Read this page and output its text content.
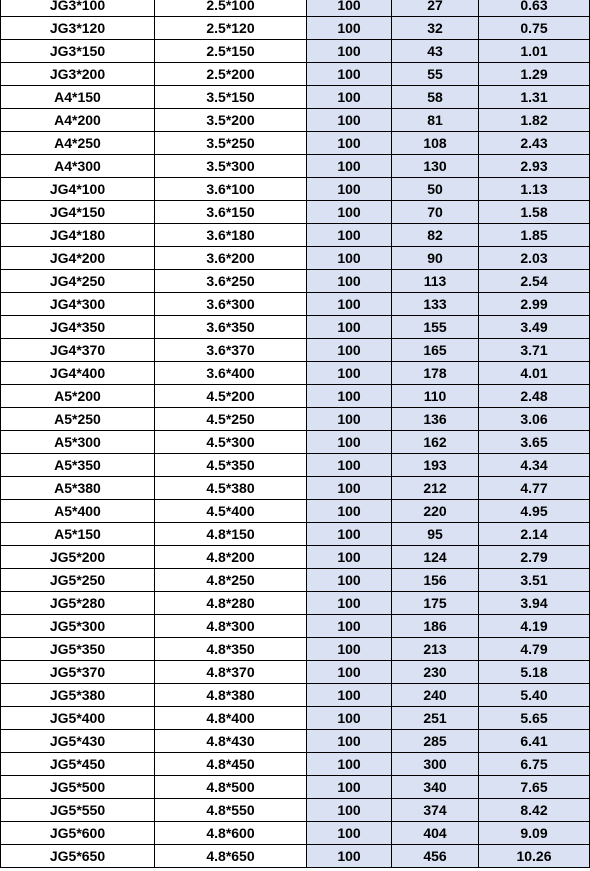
JG3*100	2.5*100	100	27	0.63
JG3*120	2.5*120	100	32	0.75
JG3*150	2.5*150	100	43	1.01
JG3*200	2.5*200	100	55	1.29
A4*150	3.5*150	100	58	1.31
A4*200	3.5*200	100	81	1.82
A4*250	3.5*250	100	108	2.43
A4*300	3.5*300	100	130	2.93
JG4*100	3.6*100	100	50	1.13
JG4*150	3.6*150	100	70	1.58
JG4*180	3.6*180	100	82	1.85
JG4*200	3.6*200	100	90	2.03
JG4*250	3.6*250	100	113	2.54
JG4*300	3.6*300	100	133	2.99
JG4*350	3.6*350	100	155	3.49
JG4*370	3.6*370	100	165	3.71
JG4*400	3.6*400	100	178	4.01
A5*200	4.5*200	100	110	2.48
A5*250	4.5*250	100	136	3.06
A5*300	4.5*300	100	162	3.65
A5*350	4.5*350	100	193	4.34
A5*380	4.5*380	100	212	4.77
A5*400	4.5*400	100	220	4.95
A5*150	4.8*150	100	95	2.14
JG5*200	4.8*200	100	124	2.79
JG5*250	4.8*250	100	156	3.51
JG5*280	4.8*280	100	175	3.94
JG5*300	4.8*300	100	186	4.19
JG5*350	4.8*350	100	213	4.79
JG5*370	4.8*370	100	230	5.18
JG5*380	4.8*380	100	240	5.40
JG5*400	4.8*400	100	251	5.65
JG5*430	4.8*430	100	285	6.41
JG5*450	4.8*450	100	300	6.75
JG5*500	4.8*500	100	340	7.65
JG5*550	4.8*550	100	374	8.42
JG5*600	4.8*600	100	404	9.09
JG5*650	4.8*650	100	456	10.26
